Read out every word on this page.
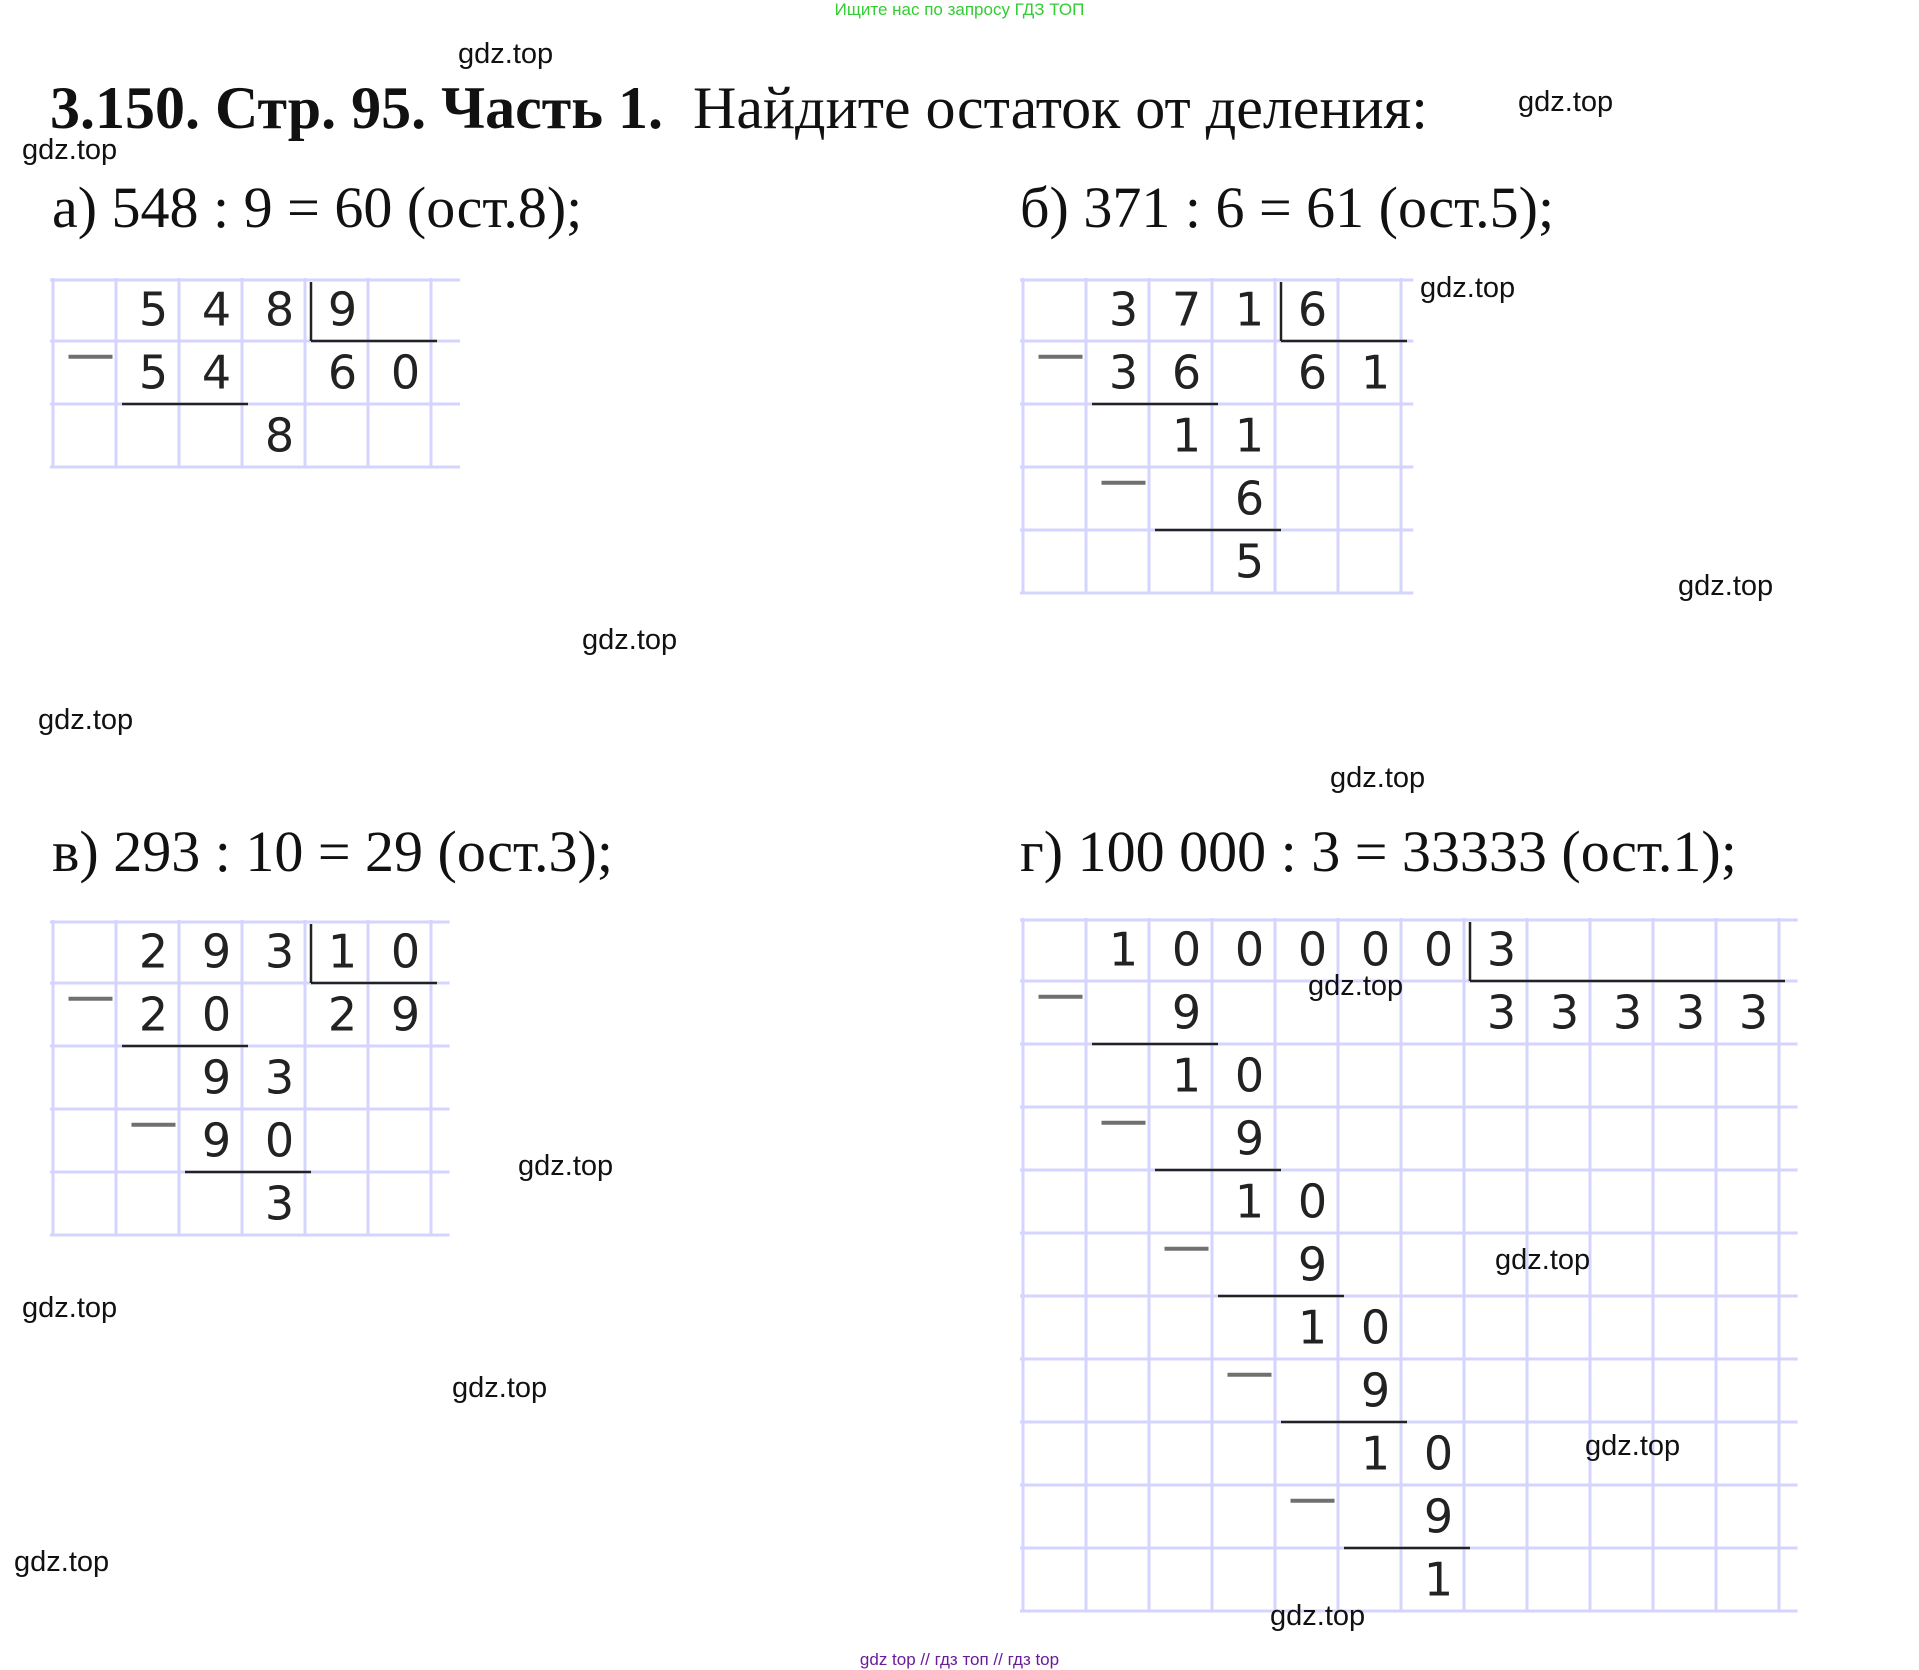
Ищите нас по запросу ГДЗ ТОП
3.150. Стр. 95. Часть 1. Найдите остаток от деления:
а) 548 : 9 = 60 (ост.8);	б) 371 : 6 = 61 (ост.5);
в) 293 : 10 = 29 (ост.3);	г) 100 000 : 3 = 33333 (ост.1);
5 4 8 9
5 4 6 0
8
3 7 1 6
3 6 6 1
1 1
6
5
2 9 3 1 0
2 0 2 9
9 3
9 0
3
1 0 0 0 0 0 3
9	3 3 3 3 3
1 0
9
1 0
9
1 0
9
1 0
9
1
gdz.top
gdz.top
gdz.top
gdz.top
gdz.top
gdz.top
gdz.top
gdz.top
gdz.top
gdz.top
gdz.top
gdz.top
gdz.top
gdz.top
gdz.top
gdz.top
gdz top // гдз топ // гдз top
